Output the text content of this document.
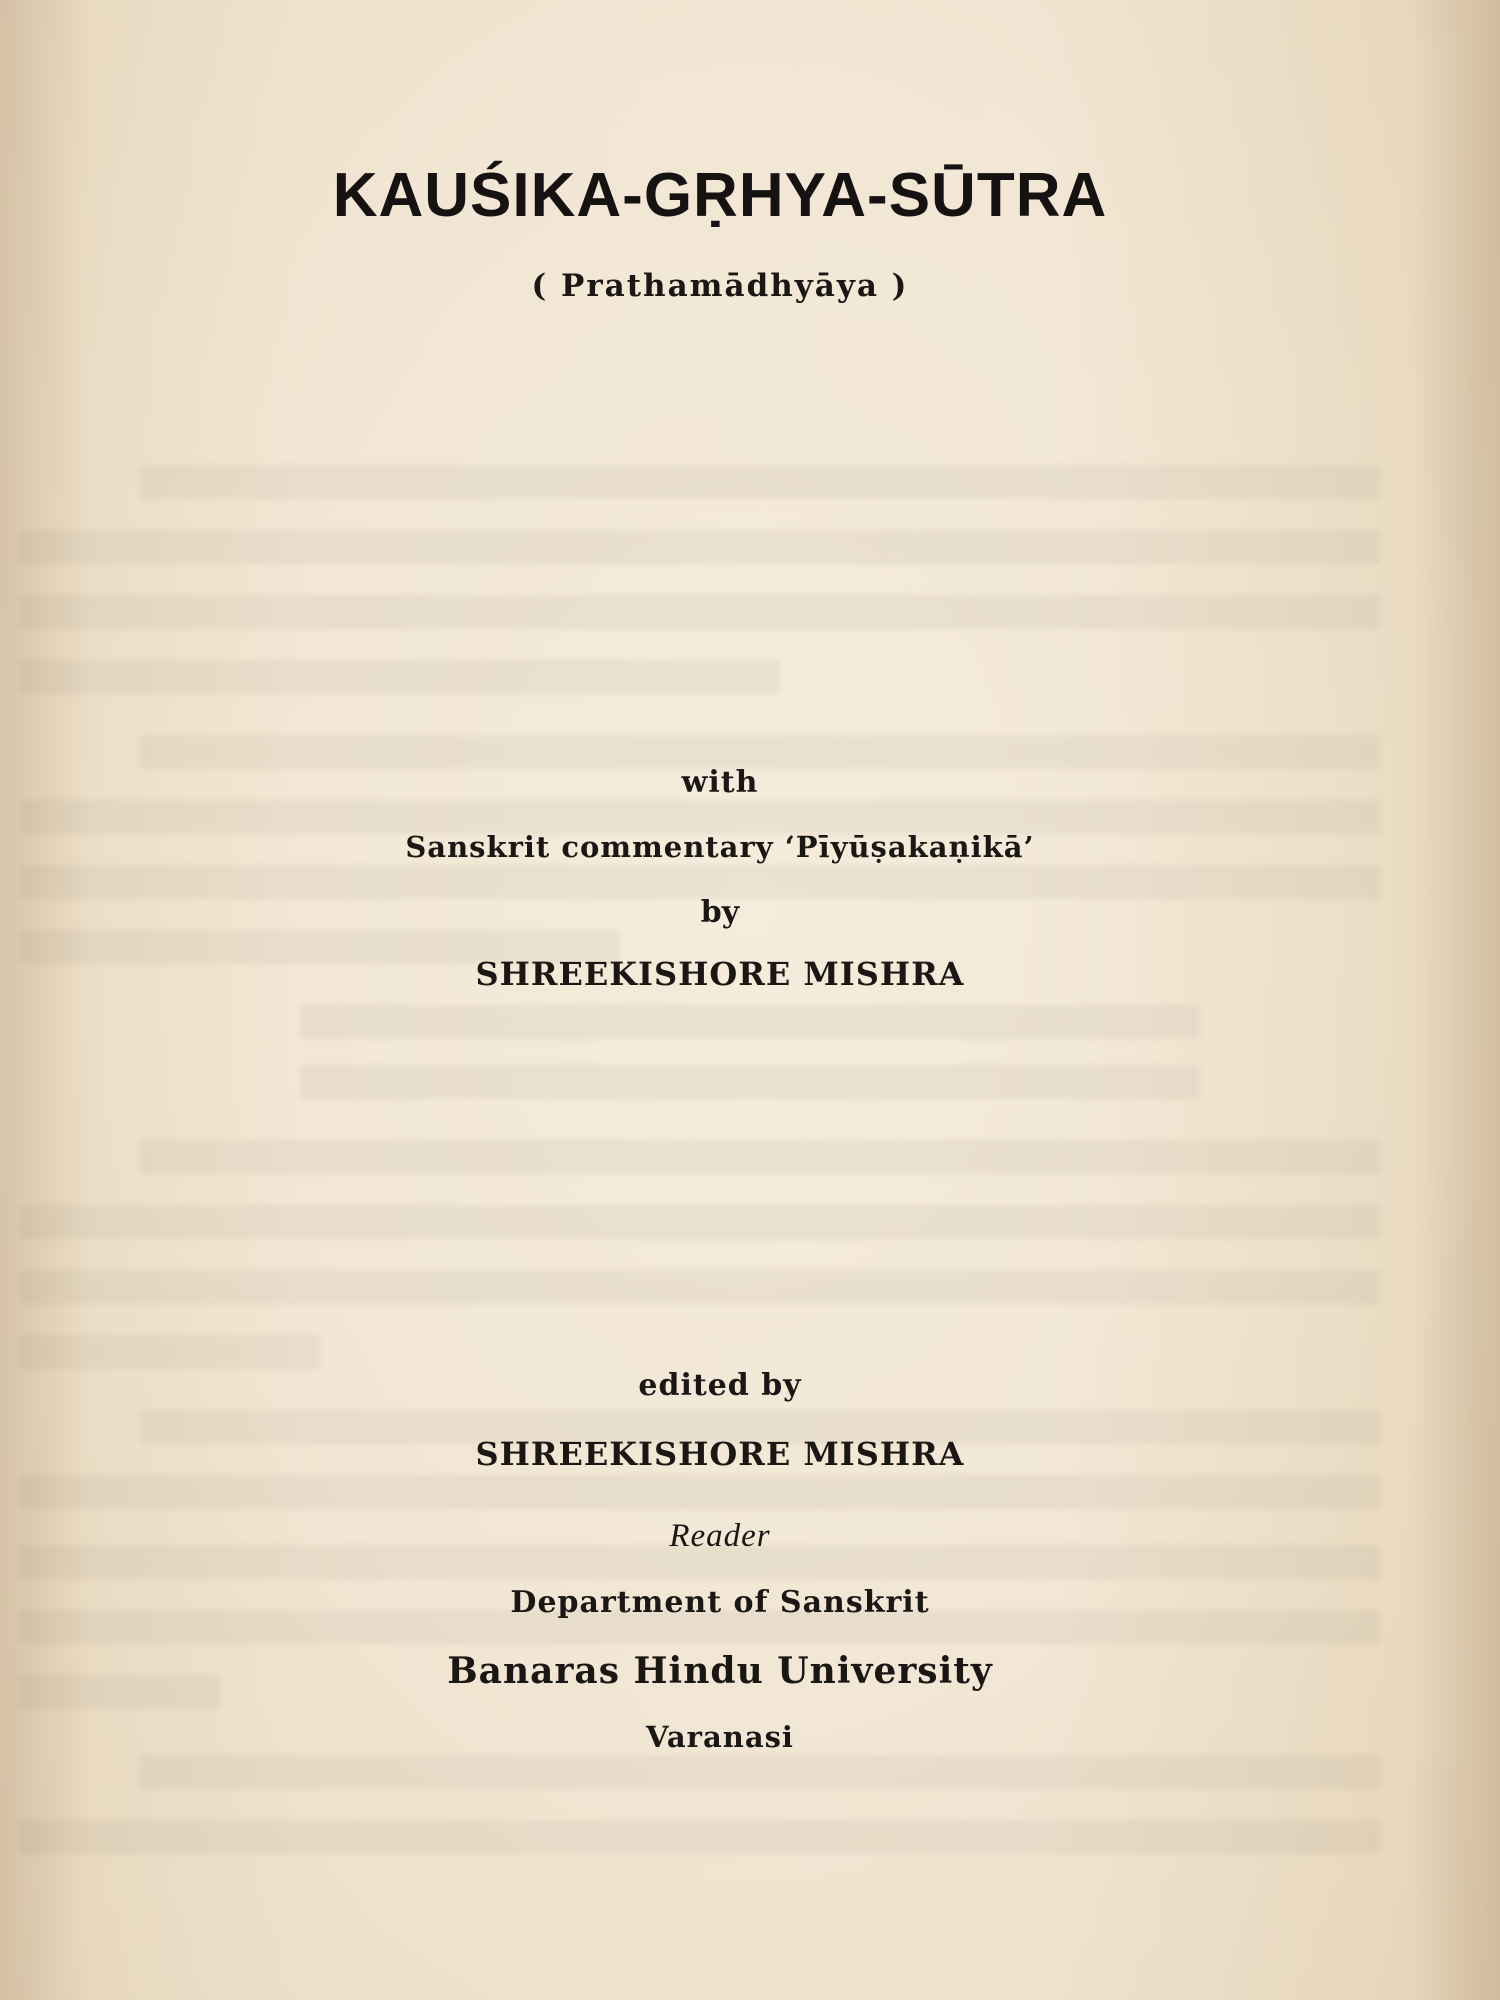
KAUŚIKA-GṚHYA-SŪTRA
( Prathamādhyāya )
with
Sanskrit commentary ‘Pīyūṣakaṇikā’
by
SHREEKISHORE MISHRA
edited by
SHREEKISHORE MISHRA
Reader
Department of Sanskrit
Banaras Hindu University
Varanasi
